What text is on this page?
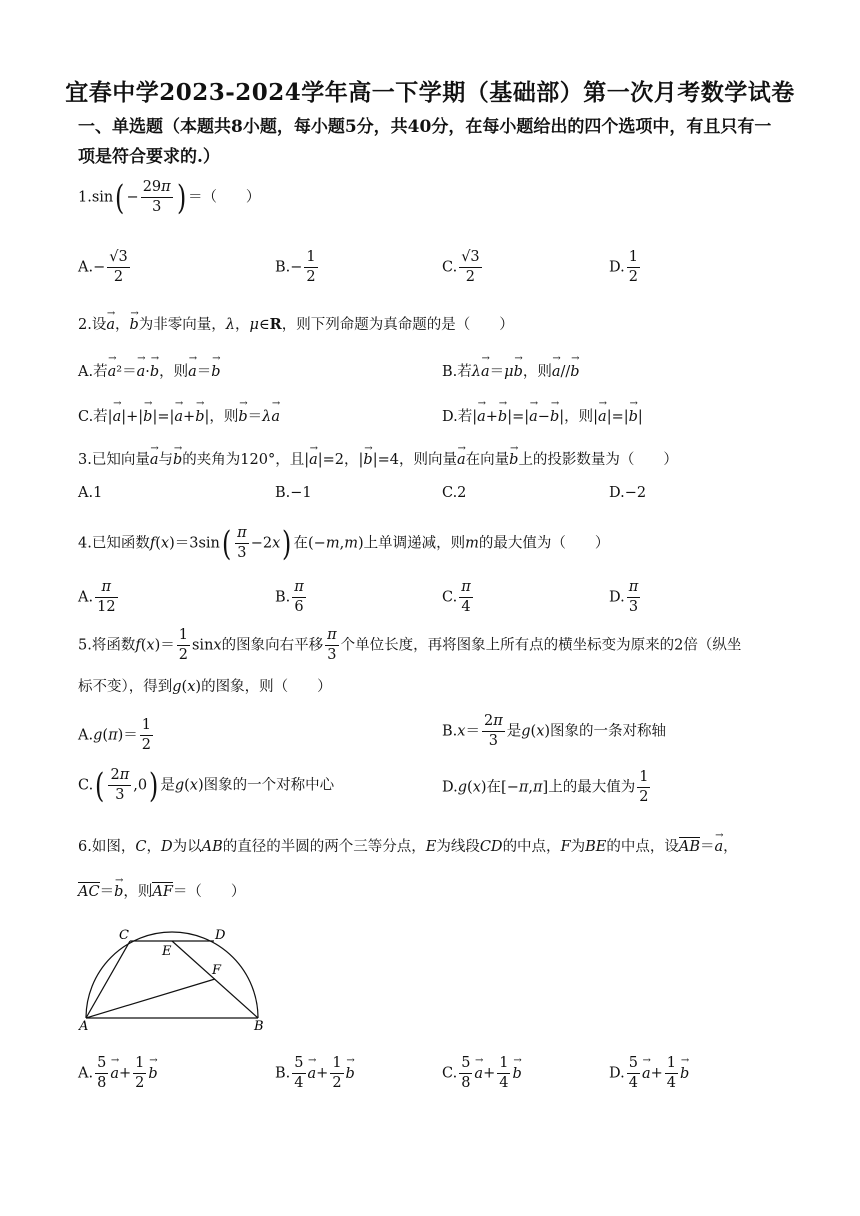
宜春中学2023-2024学年高一下学期（基础部）第一次月考数学试卷
一、单选题（本题共8小题，每小题5分，共40分，在每小题给出的四个选项中，有且只有一项是符合要求的.）
$1.\sin( - \frac{29\pi}{3}$ ) ＝（　　）
$A.- \frac{√3}{2}$	$B.- \frac{1}{2}$	C. $\frac{√3}{2}$	D. $\frac{1}{2}$
2.设→ a，→ b为非零向量，λ，μ∈R，则下列命题为真命题的是（　　）
A.若→ a²＝→ a·→ b，则→ a＝→ b	B.若λ→ a＝μ→ b，则→ a//→ b
C.若|→ a|+|→ b|=|→ a+→ b|，则→ b＝λ→ a	D.若|→ a+→ b|=|→ a−→ b|，则|→ a|=|→ b|
3.已知向量→ a与→ b的夹角为120°，且|→ a|=2，|→ b|=4，则向量→ a在向量→ b上的投影数量为（　　）
A.1	B.−1	C.2	D.−2
4.已知函数$f(x)=3\sin( \frac{\pi}{3} -2x)$ 在(−m,m)上单调递减，则m的最大值为（　　）
A. $\frac{\pi}{12}$	B. $\frac{\pi}{6}$	C. $\frac{\pi}{4}$	D. $\frac{\pi}{3}$
5.将函数$f(x)= \frac{1}{2}$ sinx的图象向右平移 $\frac{\pi}{3}$ 个单位长度，再将图象上所有点的横坐标变为原来的2倍（纵坐
标不变），得到g(x)的图象，则（　　）
$A.g(\pi)= \frac{1}{2}$	$B.x= \frac{2\pi}{3}$ 是g(x)图象的一条对称轴
$C.( \frac{2\pi}{3} ,0)$ 是g(x)图象的一个对称中心	D.g(x)在[−π,π]上的最大值为 $\frac{1}{2}$
6.如图，C，D为以AB的直径的半圆的两个三等分点，E为线段CD的中点，F为BE的中点，设AB＝→ a，
AC＝→ b，则AF＝（　　）
C	D
E
F
A	B
A. $\frac{5}{8}$
→ $a+ \frac{1}{2}$
→ b	B. $\frac{5}{4}$
→ $a+ \frac{1}{2}$
→ b	C. $\frac{5}{8}$
→ $a+ \frac{1}{4}$
→ b	D. $\frac{5}{4}$
→ $a+ \frac{1}{4}$
→ b
